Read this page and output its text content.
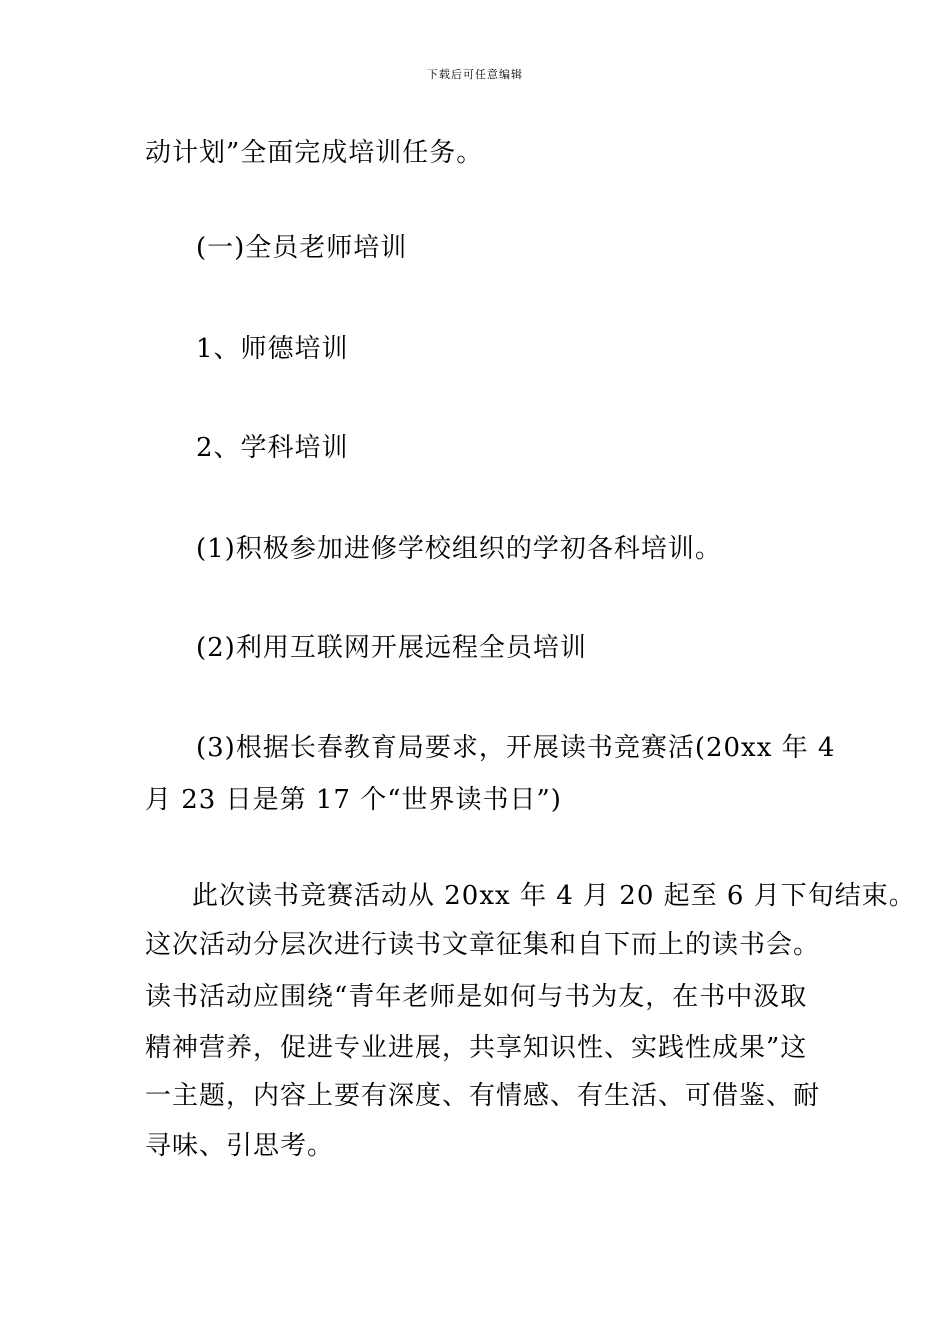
下载后可任意编辑
动计划”全面完成培训任务。
(一)全员老师培训
1、师德培训
2、学科培训
(1)积极参加进修学校组织的学初各科培训。
(2)利用互联网开展远程全员培训
(3)根据长春教育局要求，开展读书竞赛活(20xx 年 4
月 23 日是第 17 个“世界读书日”)
此次读书竞赛活动从 20xx 年 4 月 20 起至 6 月下旬结束。
这次活动分层次进行读书文章征集和自下而上的读书会。
读书活动应围绕“青年老师是如何与书为友，在书中汲取
精神营养，促进专业进展，共享知识性、实践性成果”这
一主题，内容上要有深度、有情感、有生活、可借鉴、耐
寻味、引思考。
